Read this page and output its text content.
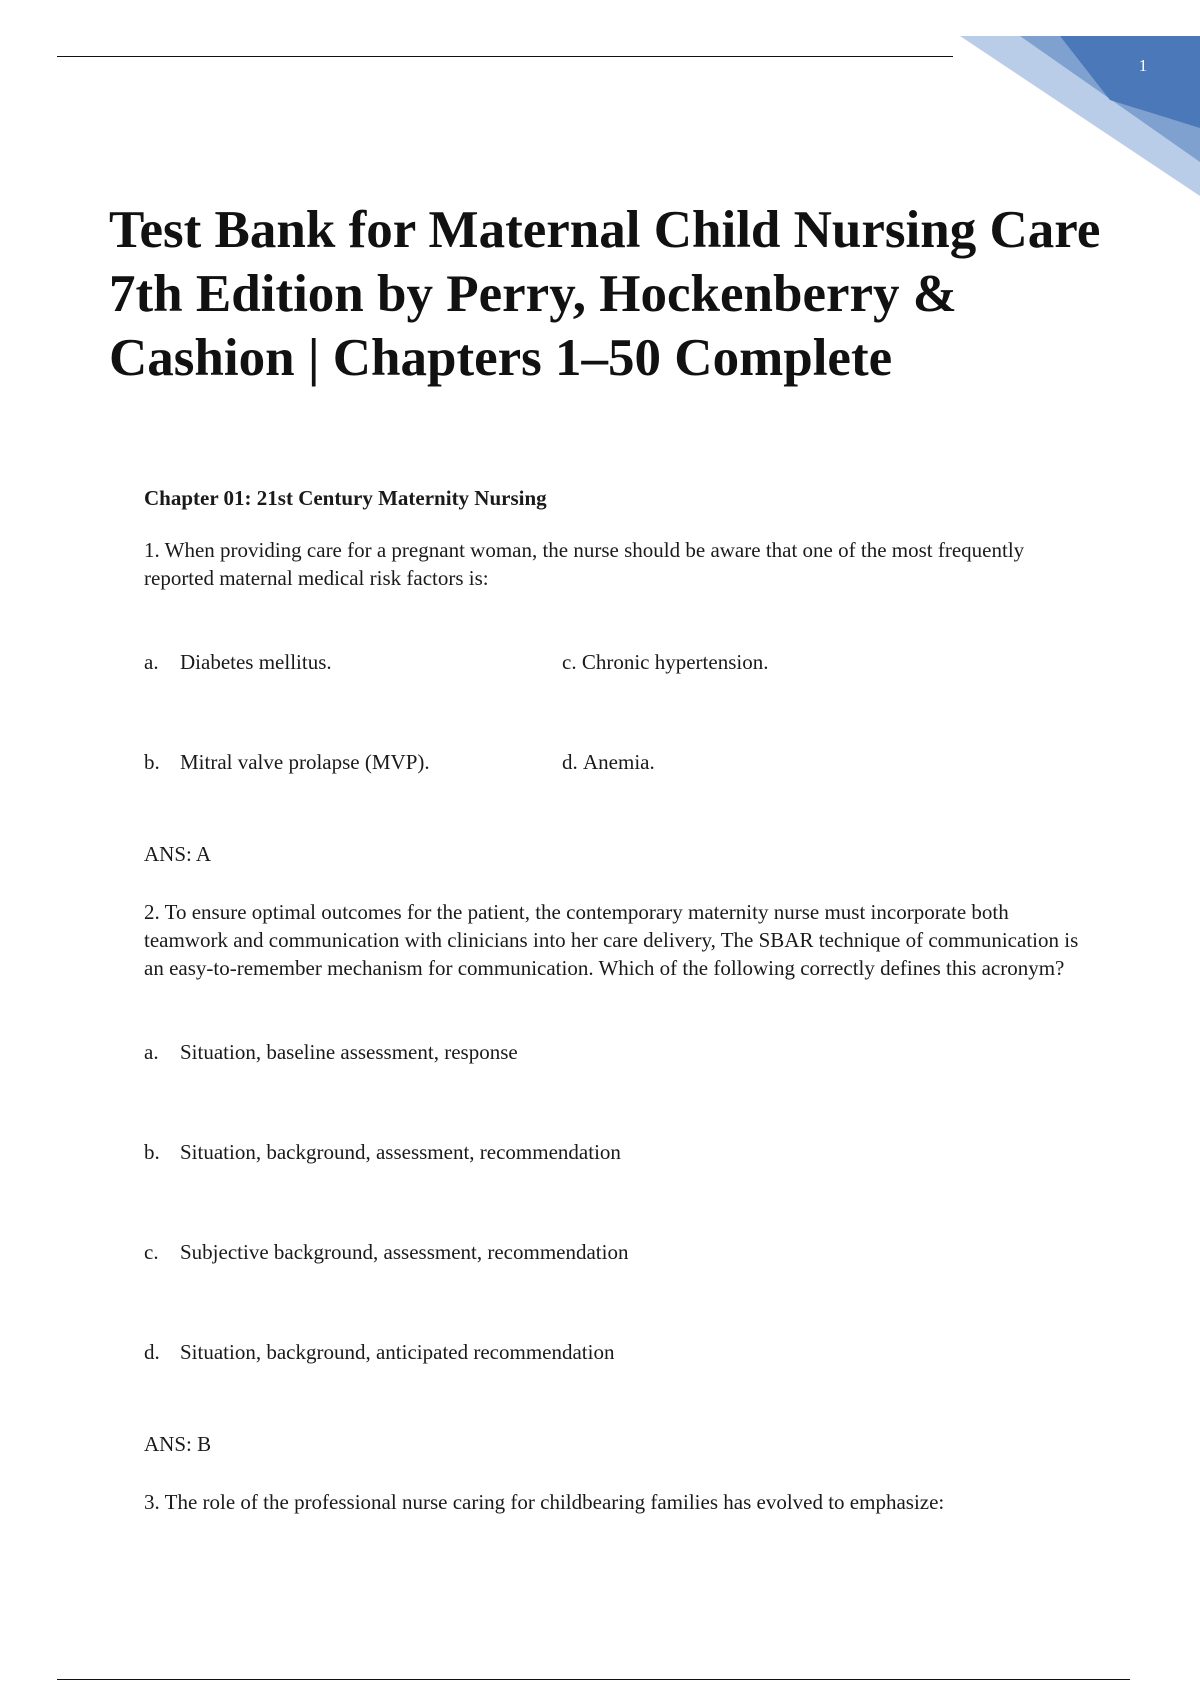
1
Test Bank for Maternal Child Nursing Care 7th Edition by Perry, Hockenberry & Cashion | Chapters 1–50 Complete

Chapter 01: 21st Century Maternity Nursing

1. When providing care for a pregnant woman, the nurse should be aware that one of the most frequently reported maternal medical risk factors is:

a.	Diabetes mellitus.	c.
Chronic hypertension.
b. Mitral valve prolapse (MVP).	d.
Anemia.

ANS: A

2. To ensure optimal outcomes for the patient, the contemporary maternity nurse must incorporate both teamwork and communication with clinicians into her care delivery, The SBAR technique of communication is an easy-to-remember mechanism for communication. Which of the following correctly defines this acronym?

a.	Situation, baseline assessment, response
b. Situation, background, assessment, recommendation
c.	Subjective background, assessment, recommendation
d. Situation, background, anticipated recommendation

ANS: B

3. The role of the professional nurse caring for childbearing families has evolved to emphasize:
